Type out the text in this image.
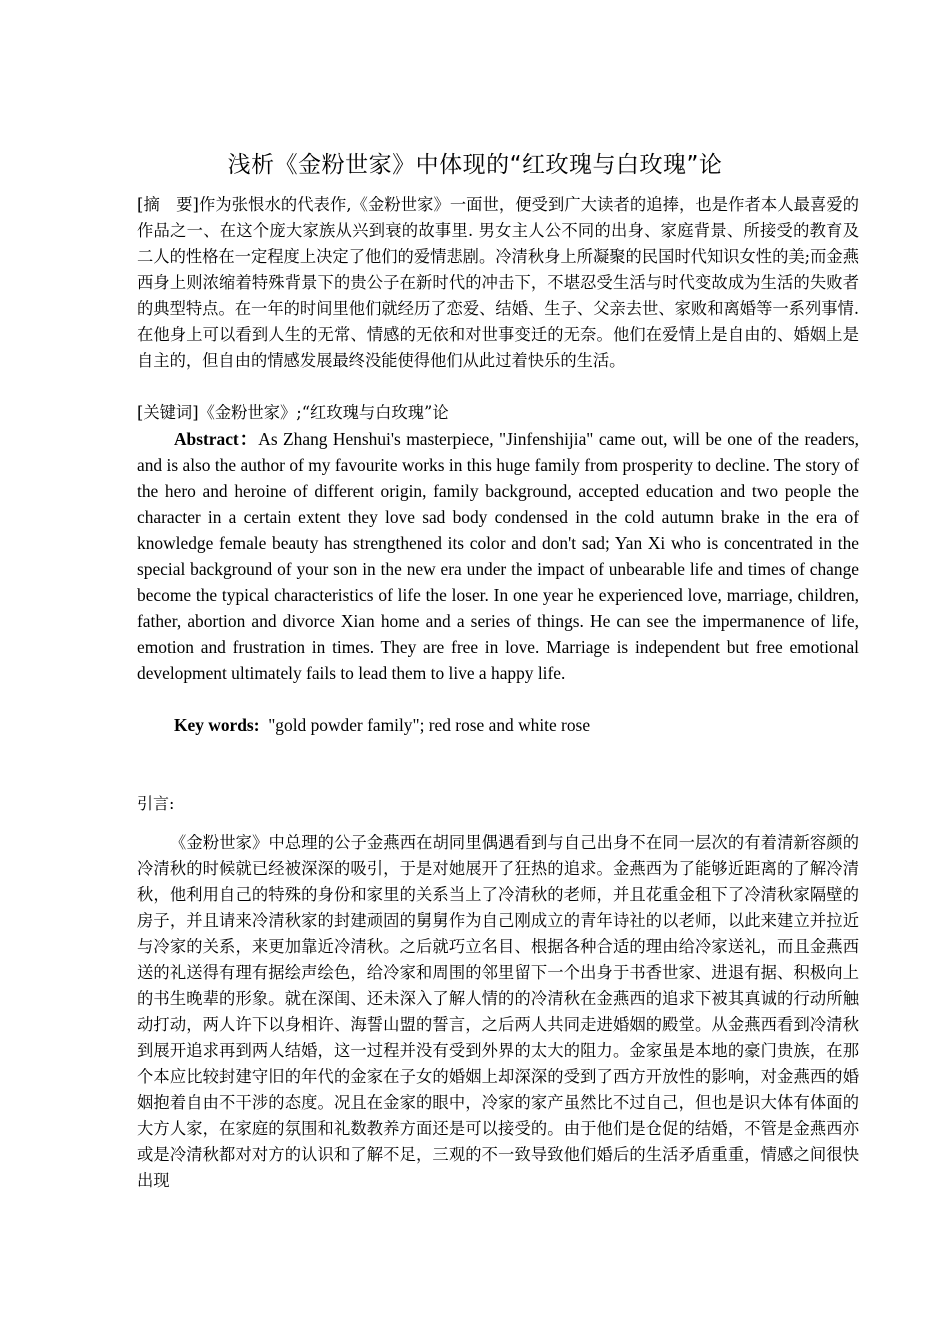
浅析《金粉世家》中体现的“红玫瑰与白玫瑰”论

[摘　要]作为张恨水的代表作,《金粉世家》一面世，便受到广大读者的追捧，也是作者本人最喜爱的作品之一、在这个庞大家族从兴到衰的故事里. 男女主人公不同的出身、家庭背景、所接受的教育及二人的性格在一定程度上决定了他们的爱情悲剧。冷清秋身上所凝聚的民国时代知识女性的美;而金燕西身上则浓缩着特殊背景下的贵公子在新时代的冲击下，不堪忍受生活与时代变故成为生活的失败者的典型特点。在一年的时间里他们就经历了恋爱、结婚、生子、父亲去世、家败和离婚等一系列事情.在他身上可以看到人生的无常、情感的无依和对世事变迁的无奈。他们在爱情上是自由的、婚姻上是自主的，但自由的情感发展最终没能使得他们从此过着快乐的生活。

[关键词]《金粉世家》;“红玫瑰与白玫瑰”论

Abstract：As Zhang Henshui's masterpiece, "Jinfenshijia" came out, will be one of the readers, and is also the author of my favourite works in this huge family from prosperity to decline. The story of the hero and heroine of different origin, family background, accepted education and two people the character in a certain extent they love sad body condensed in the cold autumn brake in the era of knowledge female beauty has strengthened its color and don't sad; Yan Xi who is concentrated in the special background of your son in the new era under the impact of unbearable life and times of change become the typical characteristics of life the loser. In one year he experienced love, marriage, children, father, abortion and divorce Xian home and a series of things. He can see the impermanence of life, emotion and frustration in times. They are free in love. Marriage is independent but free emotional development ultimately fails to lead them to live a happy life.

Key words: "gold powder family"; red rose and white rose

引言:

《金粉世家》中总理的公子金燕西在胡同里偶遇看到与自己出身不在同一层次的有着清新容颜的冷清秋的时候就已经被深深的吸引，于是对她展开了狂热的追求。金燕西为了能够近距离的了解冷清秋，他利用自己的特殊的身份和家里的关系当上了冷清秋的老师，并且花重金租下了冷清秋家隔壁的房子，并且请来冷清秋家的封建顽固的舅舅作为自己刚成立的青年诗社的以老师，以此来建立并拉近与冷家的关系，来更加靠近冷清秋。之后就巧立名目、根据各种合适的理由给冷家送礼，而且金燕西送的礼送得有理有据绘声绘色，给冷家和周围的邻里留下一个出身于书香世家、进退有据、积极向上的书生晚辈的形象。就在深闺、还未深入了解人情的的冷清秋在金燕西的追求下被其真诚的行动所触动打动，两人许下以身相许、海誓山盟的誓言，之后两人共同走进婚姻的殿堂。从金燕西看到冷清秋到展开追求再到两人结婚，这一过程并没有受到外界的太大的阻力。金家虽是本地的豪门贵族，在那个本应比较封建守旧的年代的金家在子女的婚姻上却深深的受到了西方开放性的影响，对金燕西的婚姻抱着自由不干涉的态度。况且在金家的眼中，冷家的家产虽然比不过自己，但也是识大体有体面的大方人家，在家庭的氛围和礼数教养方面还是可以接受的。由于他们是仓促的结婚，不管是金燕西亦或是冷清秋都对对方的认识和了解不足，三观的不一致导致他们婚后的生活矛盾重重，情感之间很快出现
